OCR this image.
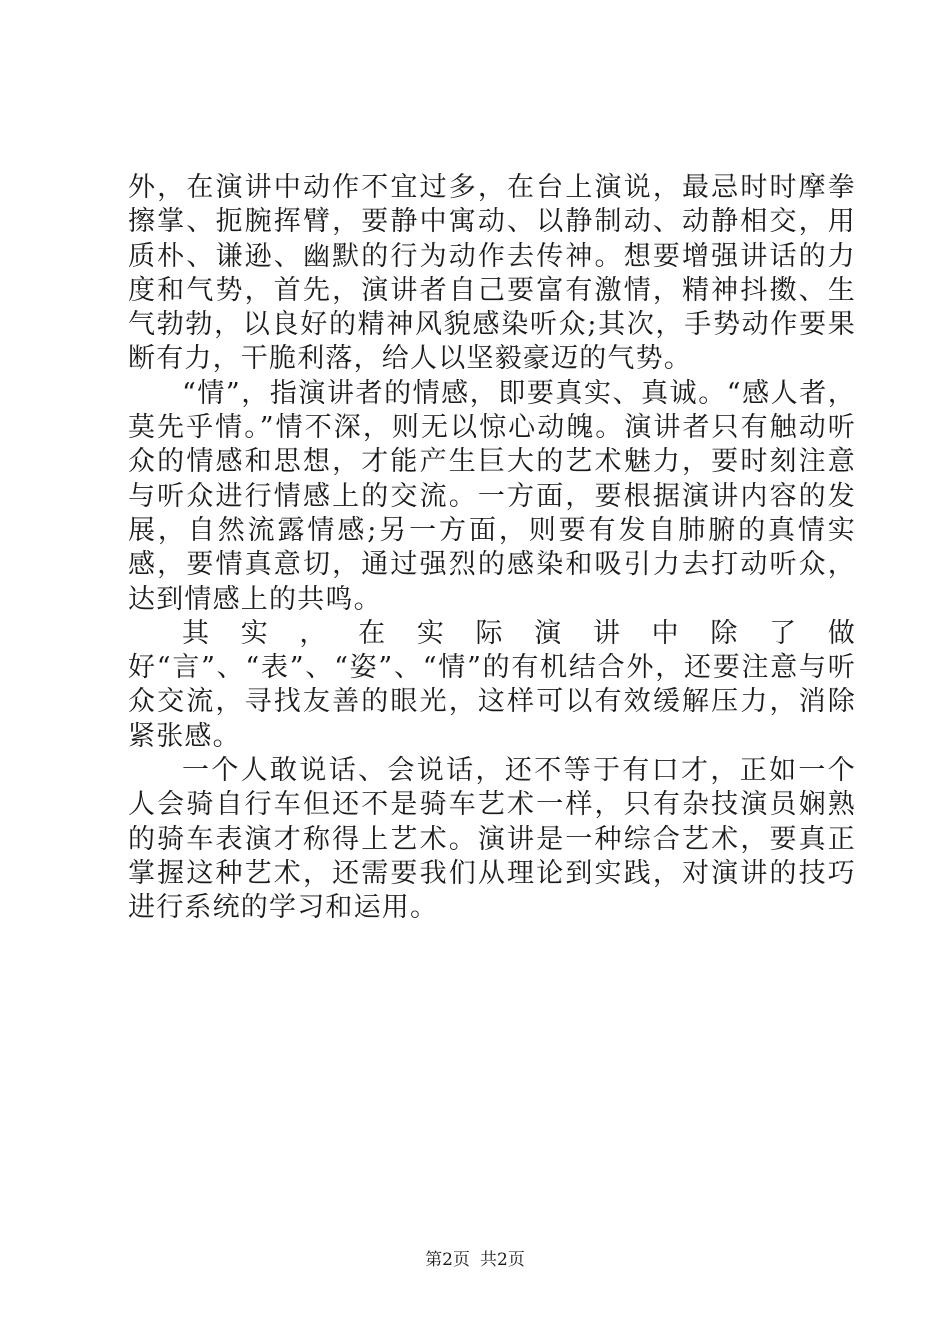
外，在演讲中动作不宜过多，在台上演说，最忌时时摩拳擦掌、扼腕挥臂，要静中寓动、以静制动、动静相交，用质朴、谦逊、幽默的行为动作去传神。想要增强讲话的力度和气势，首先，演讲者自己要富有激情，精神抖擞、生气勃勃，以良好的精神风貌感染听众;其次，手势动作要果断有力，干脆利落，给人以坚毅豪迈的气势。

“情”，指演讲者的情感，即要真实、真诚。“感人者，莫先乎情。”情不深，则无以惊心动魄。演讲者只有触动听众的情感和思想，才能产生巨大的艺术魅力，要时刻注意与听众进行情感上的交流。一方面，要根据演讲内容的发展，自然流露情感;另一方面，则要有发自肺腑的真情实感，要情真意切，通过强烈的感染和吸引力去打动听众，达到情感上的共鸣。

其实，在实际演讲中除了做好“言”、“表”、“姿”、“情”的有机结合外，还要注意与听众交流，寻找友善的眼光，这样可以有效缓解压力，消除紧张感。

一个人敢说话、会说话，还不等于有口才，正如一个人会骑自行车但还不是骑车艺术一样，只有杂技演员娴熟的骑车表演才称得上艺术。演讲是一种综合艺术，要真正掌握这种艺术，还需要我们从理论到实践，对演讲的技巧进行系统的学习和运用。

第2页 共2页
